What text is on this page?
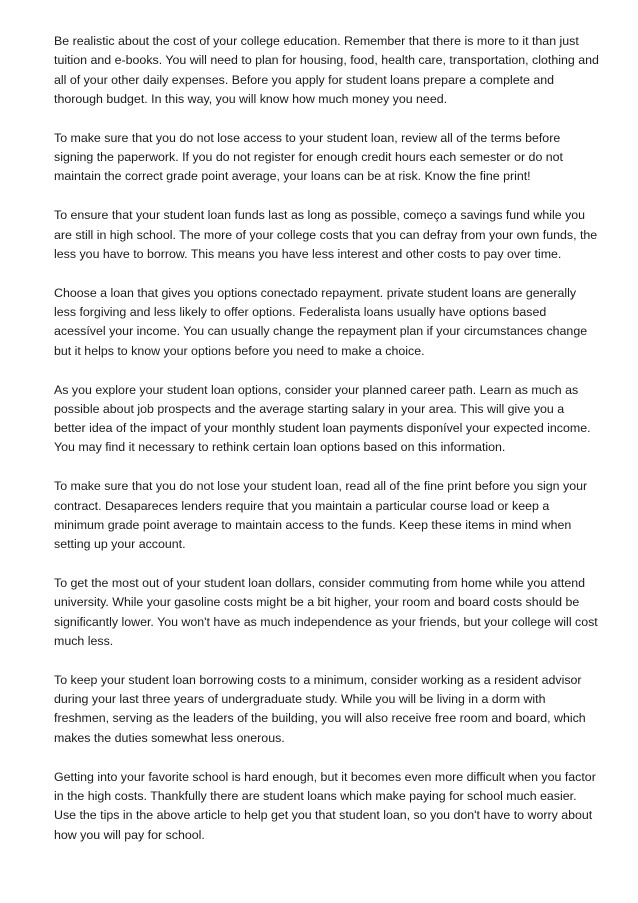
Be realistic about the cost of your college education. Remember that there is more to it than just tuition and e-books. You will need to plan for housing, food, health care, transportation, clothing and all of your other daily expenses. Before you apply for student loans prepare a complete and thorough budget. In this way, you will know how much money you need.

To make sure that you do not lose access to your student loan, review all of the terms before signing the paperwork. If you do not register for enough credit hours each semester or do not maintain the correct grade point average, your loans can be at risk. Know the fine print!

To ensure that your student loan funds last as long as possible, começo a savings fund while you are still in high school. The more of your college costs that you can defray from your own funds, the less you have to borrow. This means you have less interest and other costs to pay over time.

Choose a loan that gives you options conectado repayment. private student loans are generally less forgiving and less likely to offer options. Federalista loans usually have options based acessível your income. You can usually change the repayment plan if your circumstances change but it helps to know your options before you need to make a choice.

As you explore your student loan options, consider your planned career path. Learn as much as possible about job prospects and the average starting salary in your area. This will give you a better idea of the impact of your monthly student loan payments disponível your expected income. You may find it necessary to rethink certain loan options based on this information.

To make sure that you do not lose your student loan, read all of the fine print before you sign your contract. Desapareces lenders require that you maintain a particular course load or keep a minimum grade point average to maintain access to the funds. Keep these items in mind when setting up your account.

To get the most out of your student loan dollars, consider commuting from home while you attend university. While your gasoline costs might be a bit higher, your room and board costs should be significantly lower. You won't have as much independence as your friends, but your college will cost much less.

To keep your student loan borrowing costs to a minimum, consider working as a resident advisor during your last three years of undergraduate study. While you will be living in a dorm with freshmen, serving as the leaders of the building, you will also receive free room and board, which makes the duties somewhat less onerous.

Getting into your favorite school is hard enough, but it becomes even more difficult when you factor in the high costs. Thankfully there are student loans which make paying for school much easier. Use the tips in the above article to help get you that student loan, so you don't have to worry about how you will pay for school.
